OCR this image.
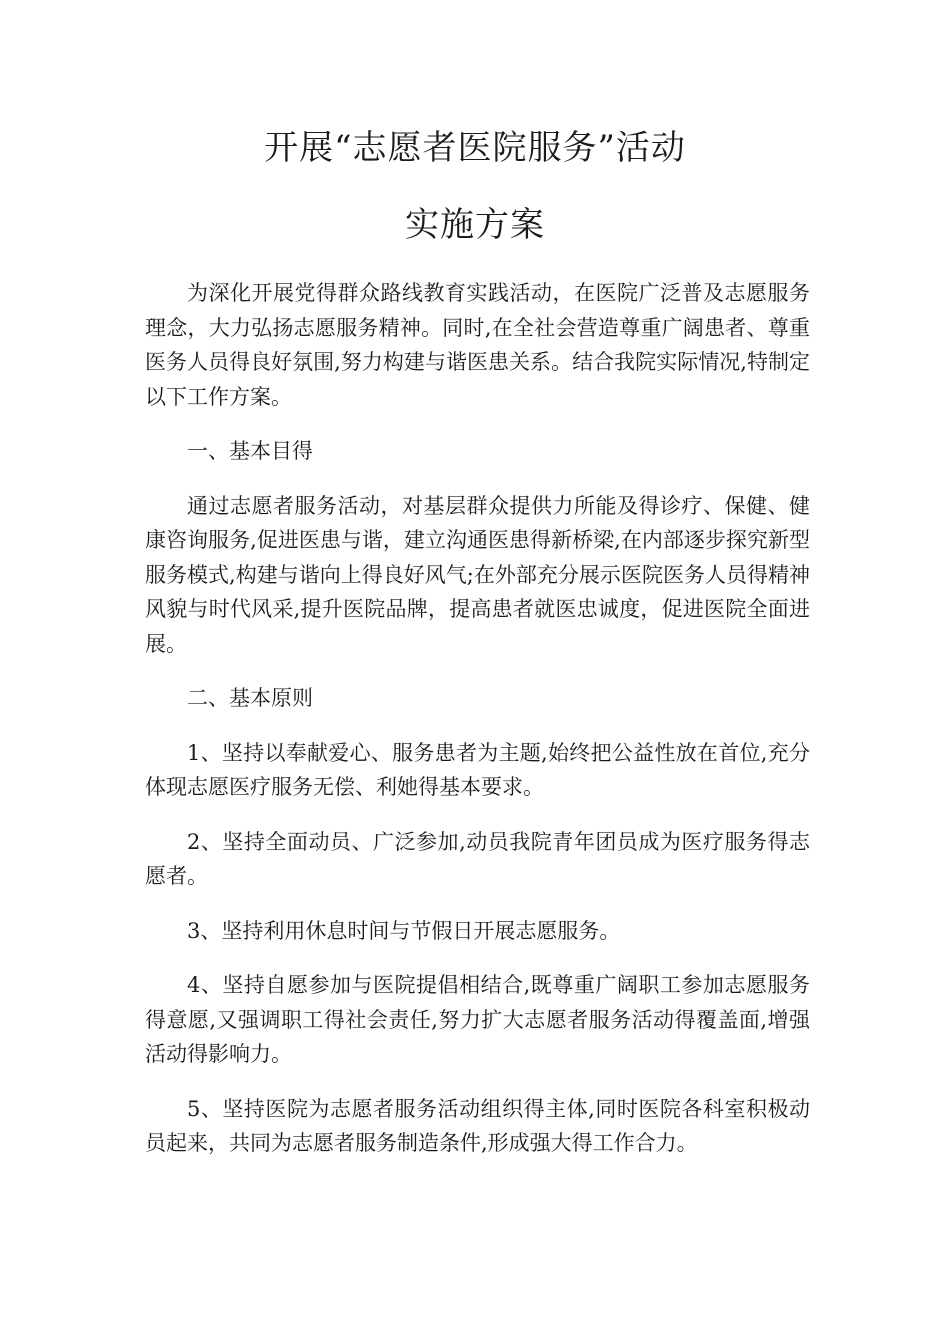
开展“志愿者医院服务”活动
实施方案

为深化开展党得群众路线教育实践活动，在医院广泛普及志愿服务理念，大力弘扬志愿服务精神。同时,在全社会营造尊重广阔患者、尊重医务人员得良好氛围,努力构建与谐医患关系。结合我院实际情况,特制定以下工作方案。

一、基本目得

通过志愿者服务活动，对基层群众提供力所能及得诊疗、保健、健康咨询服务,促进医患与谐，建立沟通医患得新桥梁,在内部逐步探究新型服务模式,构建与谐向上得良好风气;在外部充分展示医院医务人员得精神风貌与时代风采,提升医院品牌，提高患者就医忠诚度，促进医院全面进展。

二、基本原则

1、坚持以奉献爱心、服务患者为主题,始终把公益性放在首位,充分体现志愿医疗服务无偿、利她得基本要求。

2、坚持全面动员、广泛参加,动员我院青年团员成为医疗服务得志愿者。

3、坚持利用休息时间与节假日开展志愿服务。

4、坚持自愿参加与医院提倡相结合,既尊重广阔职工参加志愿服务得意愿,又强调职工得社会责任,努力扩大志愿者服务活动得覆盖面,增强活动得影响力。

5、坚持医院为志愿者服务活动组织得主体,同时医院各科室积极动员起来，共同为志愿者服务制造条件,形成强大得工作合力。
